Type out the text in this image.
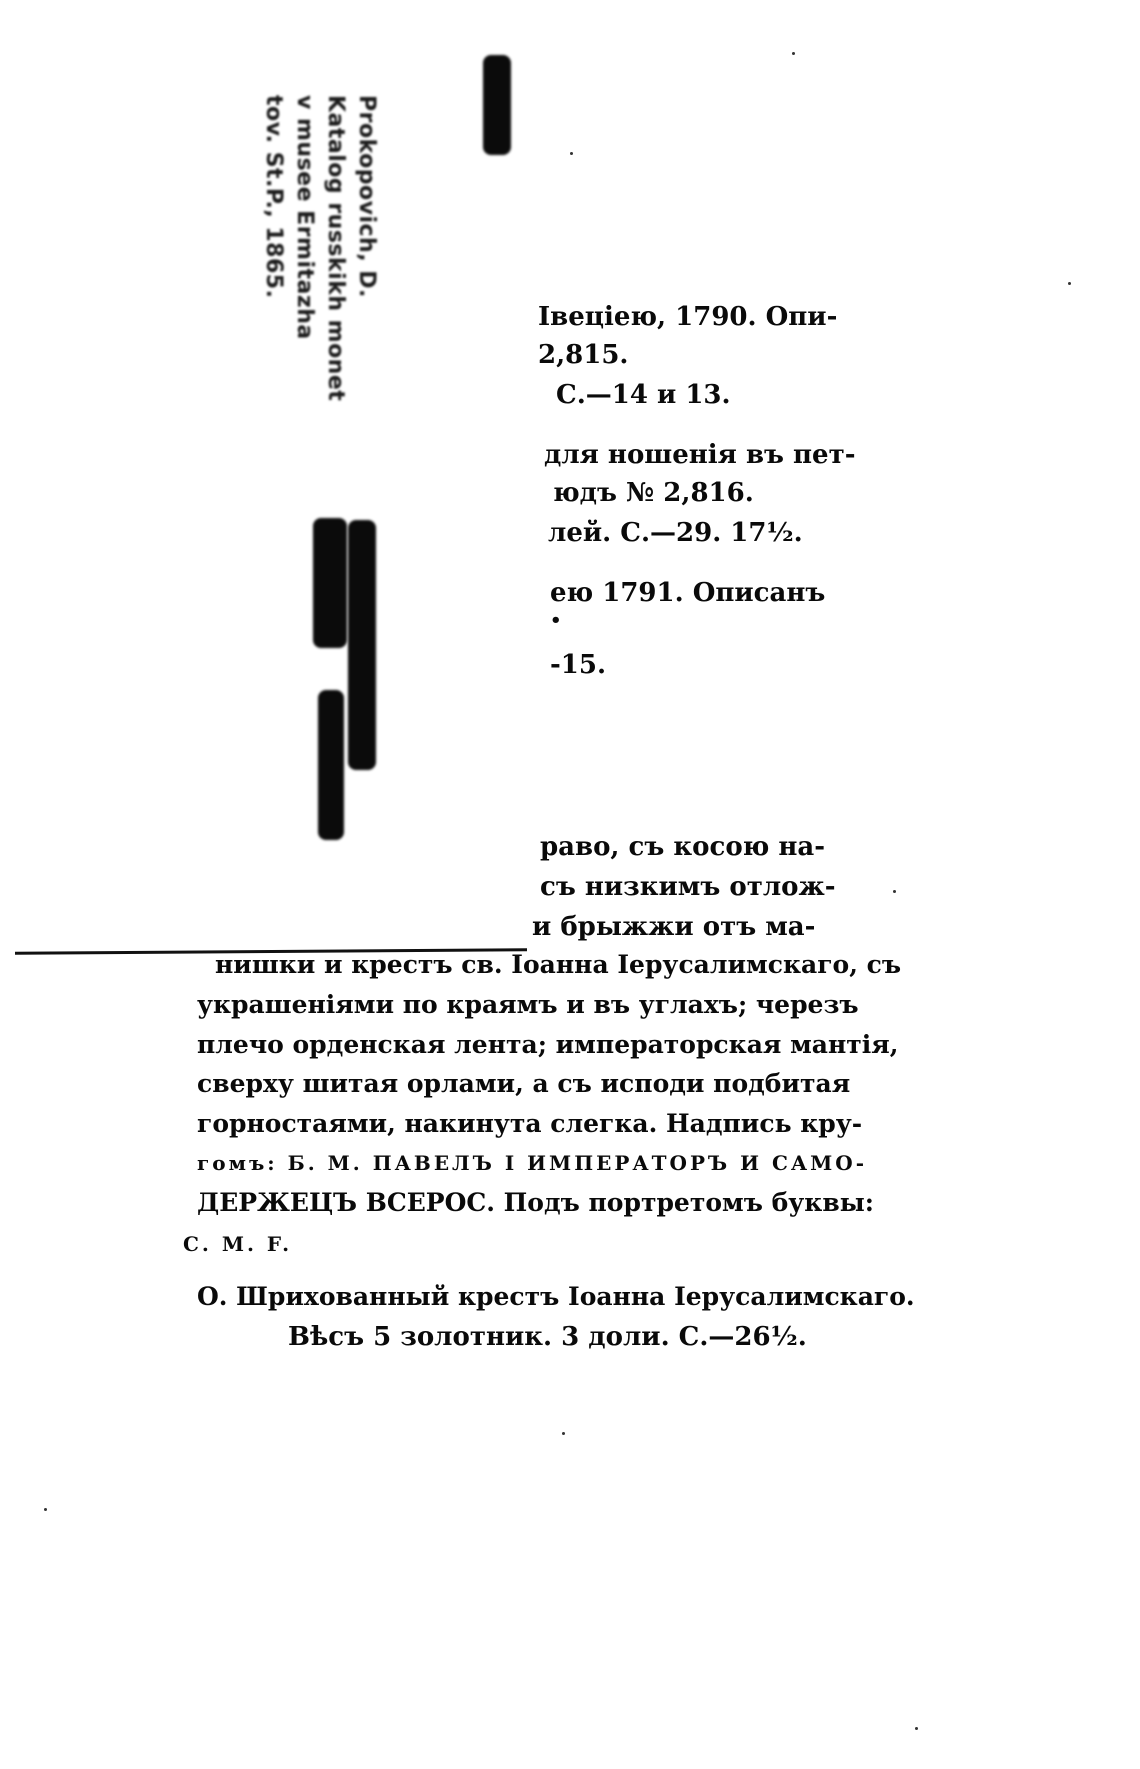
Prokopovich, D.
Katalog russkikh monet
v musee Ermitazha
tov. St.P., 1865.
Iвецiею, 1790. Опи-
2,815.
С.—14 и 13.
для ношенiя въ пет-
юдъ № 2,816.
лей. С.—29. 17½.
ею 1791. Описанъ
•
-15.
раво, съ косою на-
съ низкимъ отлож-
и брыжжи отъ ма-
нишки и крестъ св. Iоанна Iерусалимскаго, съ
украшенiями по краямъ и въ углахъ; черезъ
плечо орденская лента; императорская мантiя,
сверху шитая орлами, а съ исподи подбитая
горностаями, накинута слегка. Надпись кру-
гомъ: Б. М. ПАВЕЛЪ I ИМПЕРАТОРЪ И САМО-
ДЕРЖЕЦЪ ВСЕРОС. Подъ портретомъ буквы:
С. М. F.
О. Шрихованный крестъ Iоанна Iерусалимскаго.
Вѣсъ 5 золотник. 3 доли. С.—26½.
